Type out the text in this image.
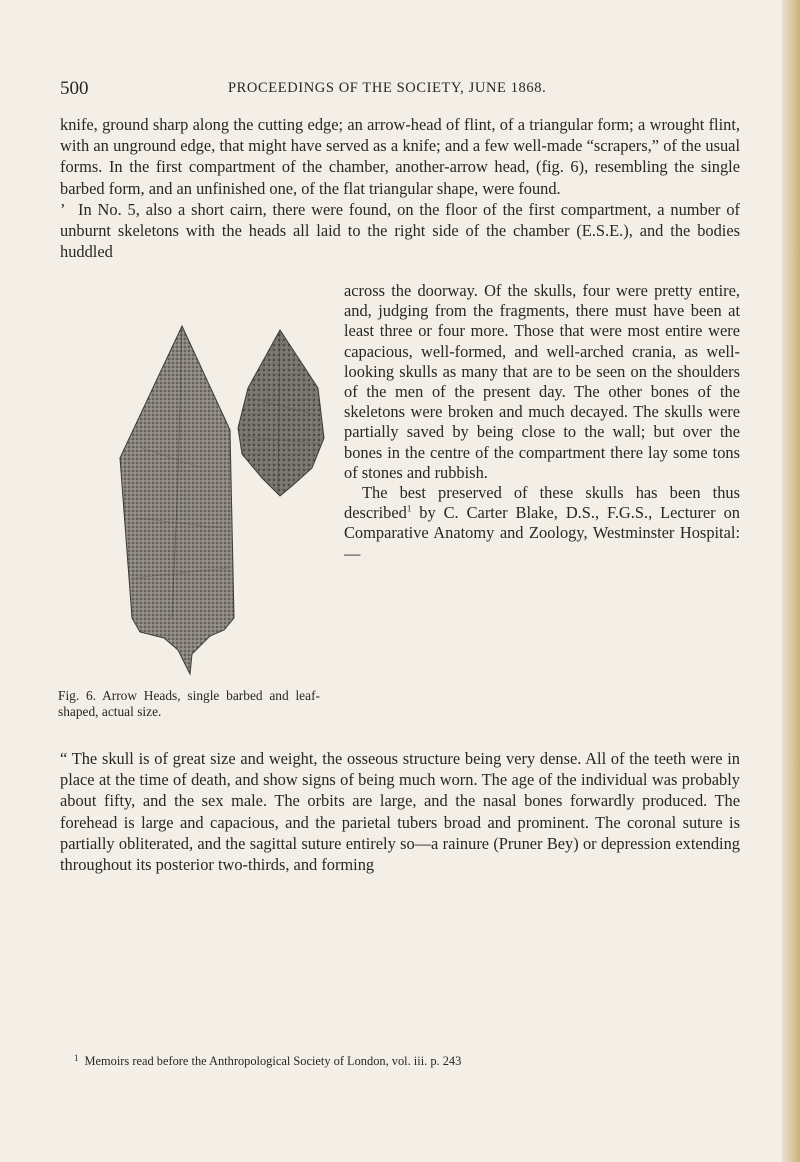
500	PROCEEDINGS OF THE SOCIETY, JUNE 1868.
knife, ground sharp along the cutting edge; an arrow-head of flint, of a triangular form; a wrought flint, with an unground edge, that might have served as a knife; and a few well-made “scrapers,” of the usual forms. In the first compartment of the chamber, another-arrow head, (fig. 6), resembling the single barbed form, and an unfinished one, of the flat triangular shape, were found.
’ In No. 5, also a short cairn, there were found, on the floor of the first compartment, a number of unburnt skeletons with the heads all laid to the right side of the chamber (E.S.E.), and the bodies huddled
Fig. 6. Arrow Heads, single barbed and leaf-shaped, actual size.
across the doorway. Of the skulls, four were pretty entire, and, judging from the fragments, there must have been at least three or four more. Those that were most entire were capacious, well-formed, and well-arched crania, as well-looking skulls as many that are to be seen on the shoulders of the men of the present day. The other bones of the skeletons were broken and much decayed. The skulls were partially saved by being close to the wall; but over the bones in the centre of the compartment there lay some tons of stones and rubbish.
The best preserved of these skulls has been thus described$^1$ by C. Carter Blake, D.S., F.G.S., Lecturer on Comparative Anatomy and Zoology, Westminster Hospital:—
“ The skull is of great size and weight, the osseous structure being very dense. All of the teeth were in place at the time of death, and show signs of being much worn. The age of the individual was probably about fifty, and the sex male. The orbits are large, and the nasal bones forwardly produced. The forehead is large and capacious, and the parietal tubers broad and prominent. The coronal suture is partially obliterated, and the sagittal suture entirely so—a rainure (Pruner Bey) or depression extending throughout its posterior two-thirds, and forming
$^1$ Memoirs read before the Anthropological Society of London, vol. iii. p. 243
